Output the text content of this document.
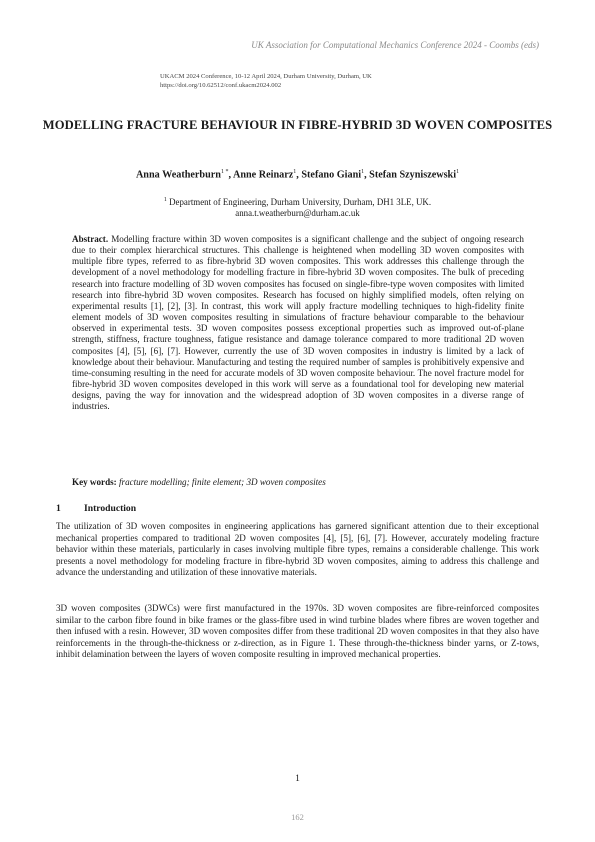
UK Association for Computational Mechanics Conference 2024 - Coombs (eds)
UKACM 2024 Conference, 10-12 April 2024, Durham University, Durham, UK
https://doi.org/10.62512/conf.ukacm2024.002
MODELLING FRACTURE BEHAVIOUR IN FIBRE-HYBRID 3D WOVEN COMPOSITES
Anna Weatherburn$^{1 *}$, Anne Reinarz$^1$, Stefano Giani$^1$, Stefan Szyniszewski$^1$
$^1$ Department of Engineering, Durham University, Durham, DH1 3LE, UK.
anna.t.weatherburn@durham.ac.uk
Abstract. Modelling fracture within 3D woven composites is a significant challenge and the subject of ongoing research due to their complex hierarchical structures. This challenge is heightened when modelling 3D woven composites with multiple fibre types, referred to as fibre-hybrid 3D woven composites. This work addresses this challenge through the development of a novel methodology for modelling fracture in fibre-hybrid 3D woven composites. The bulk of preceding research into fracture modelling of 3D woven composites has focused on single-fibre-type woven composites with limited research into fibre-hybrid 3D woven composites. Research has focused on highly simplified models, often relying on experimental results [1], [2], [3]. In contrast, this work will apply fracture modelling techniques to high-fidelity finite element models of 3D woven composites resulting in simulations of fracture behaviour comparable to the behaviour observed in experimental tests. 3D woven composites possess exceptional properties such as improved out-of-plane strength, stiffness, fracture toughness, fatigue resistance and damage tolerance compared to more traditional 2D woven composites [4], [5], [6], [7]. However, currently the use of 3D woven composites in industry is limited by a lack of knowledge about their behaviour. Manufacturing and testing the required number of samples is prohibitively expensive and time-consuming resulting in the need for accurate models of 3D woven composite behaviour. The novel fracture model for fibre-hybrid 3D woven composites developed in this work will serve as a foundational tool for developing new material designs, paving the way for innovation and the widespread adoption of 3D woven composites in a diverse range of industries.
Key words: fracture modelling; finite element; 3D woven composites
1 Introduction
The utilization of 3D woven composites in engineering applications has garnered significant attention due to their exceptional mechanical properties compared to traditional 2D woven composites [4], [5], [6], [7]. However, accurately modeling fracture behavior within these materials, particularly in cases involving multiple fibre types, remains a considerable challenge. This work presents a novel methodology for modeling fracture in fibre-hybrid 3D woven composites, aiming to address this challenge and advance the understanding and utilization of these innovative materials.
3D woven composites (3DWCs) were first manufactured in the 1970s. 3D woven composites are fibre-reinforced composites similar to the carbon fibre found in bike frames or the glass-fibre used in wind turbine blades where fibres are woven together and then infused with a resin. However, 3D woven composites differ from these traditional 2D woven composites in that they also have reinforcements in the through-the-thickness or z-direction, as in Figure 1. These through-the-thickness binder yarns, or Z-tows, inhibit delamination between the layers of woven composite resulting in improved mechanical properties.
1
162
